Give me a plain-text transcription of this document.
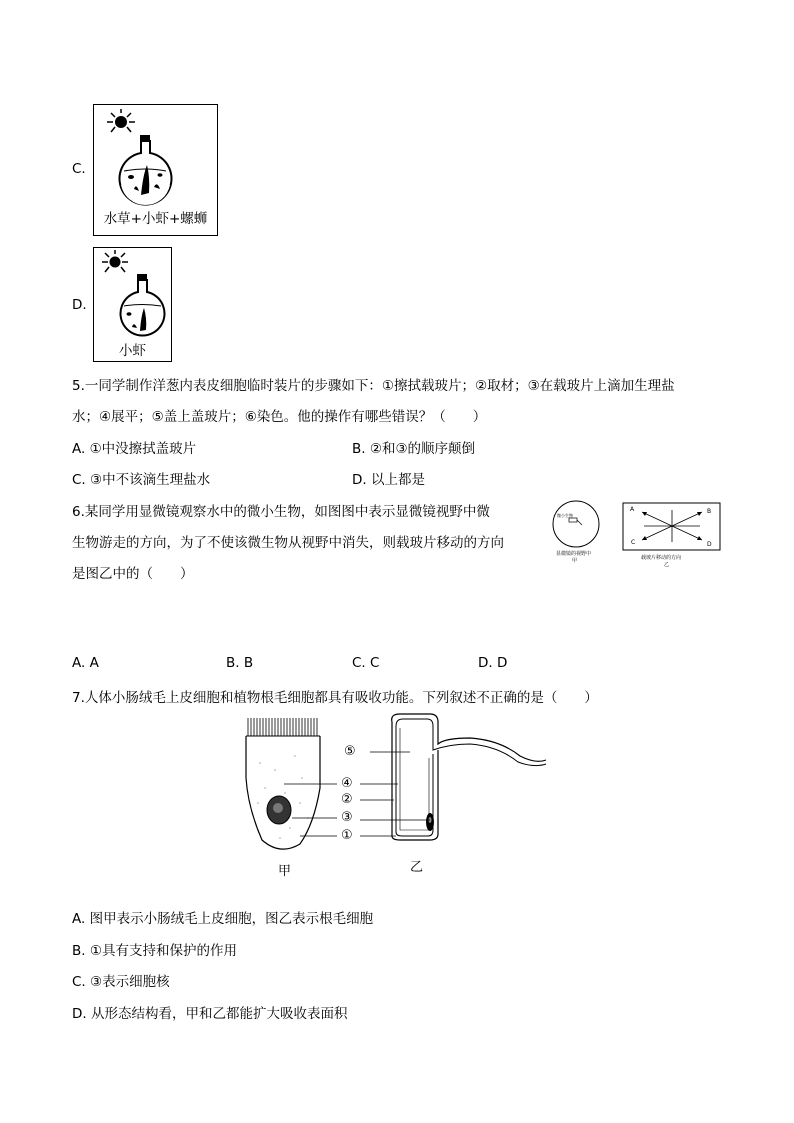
C.
水草+小虾+螺蛳
D.
小虾
5.一同学制作洋葱内表皮细胞临时装片的步骤如下：①擦拭载玻片；②取材；③在载玻片上滴加生理盐
水；④展平；⑤盖上盖玻片；⑥染色。他的操作有哪些错误？（　　）
A. ①中没擦拭盖玻片	B. ②和③的顺序颠倒
C. ③中不该滴生理盐水	D. 以上都是
6.某同学用显微镜观察水中的微小生物，如图图中表示显微镜视野中微
生物游走的方向，为了不使该微生物从视野中消失，则载玻片移动的方向
是图乙中的（　　）
微小生物
显微镜的视野中
甲
A	B
C	D
载玻片移动的方向
乙
A. A	B. B	C. C	D. D
7.人体小肠绒毛上皮细胞和植物根毛细胞都具有吸收功能。下列叙述不正确的是（　　）
⑤
④
②
③
①
甲	乙
A. 图甲表示小肠绒毛上皮细胞，图乙表示根毛细胞
B. ①具有支持和保护的作用
C. ③表示细胞核
D. 从形态结构看，甲和乙都能扩大吸收表面积
